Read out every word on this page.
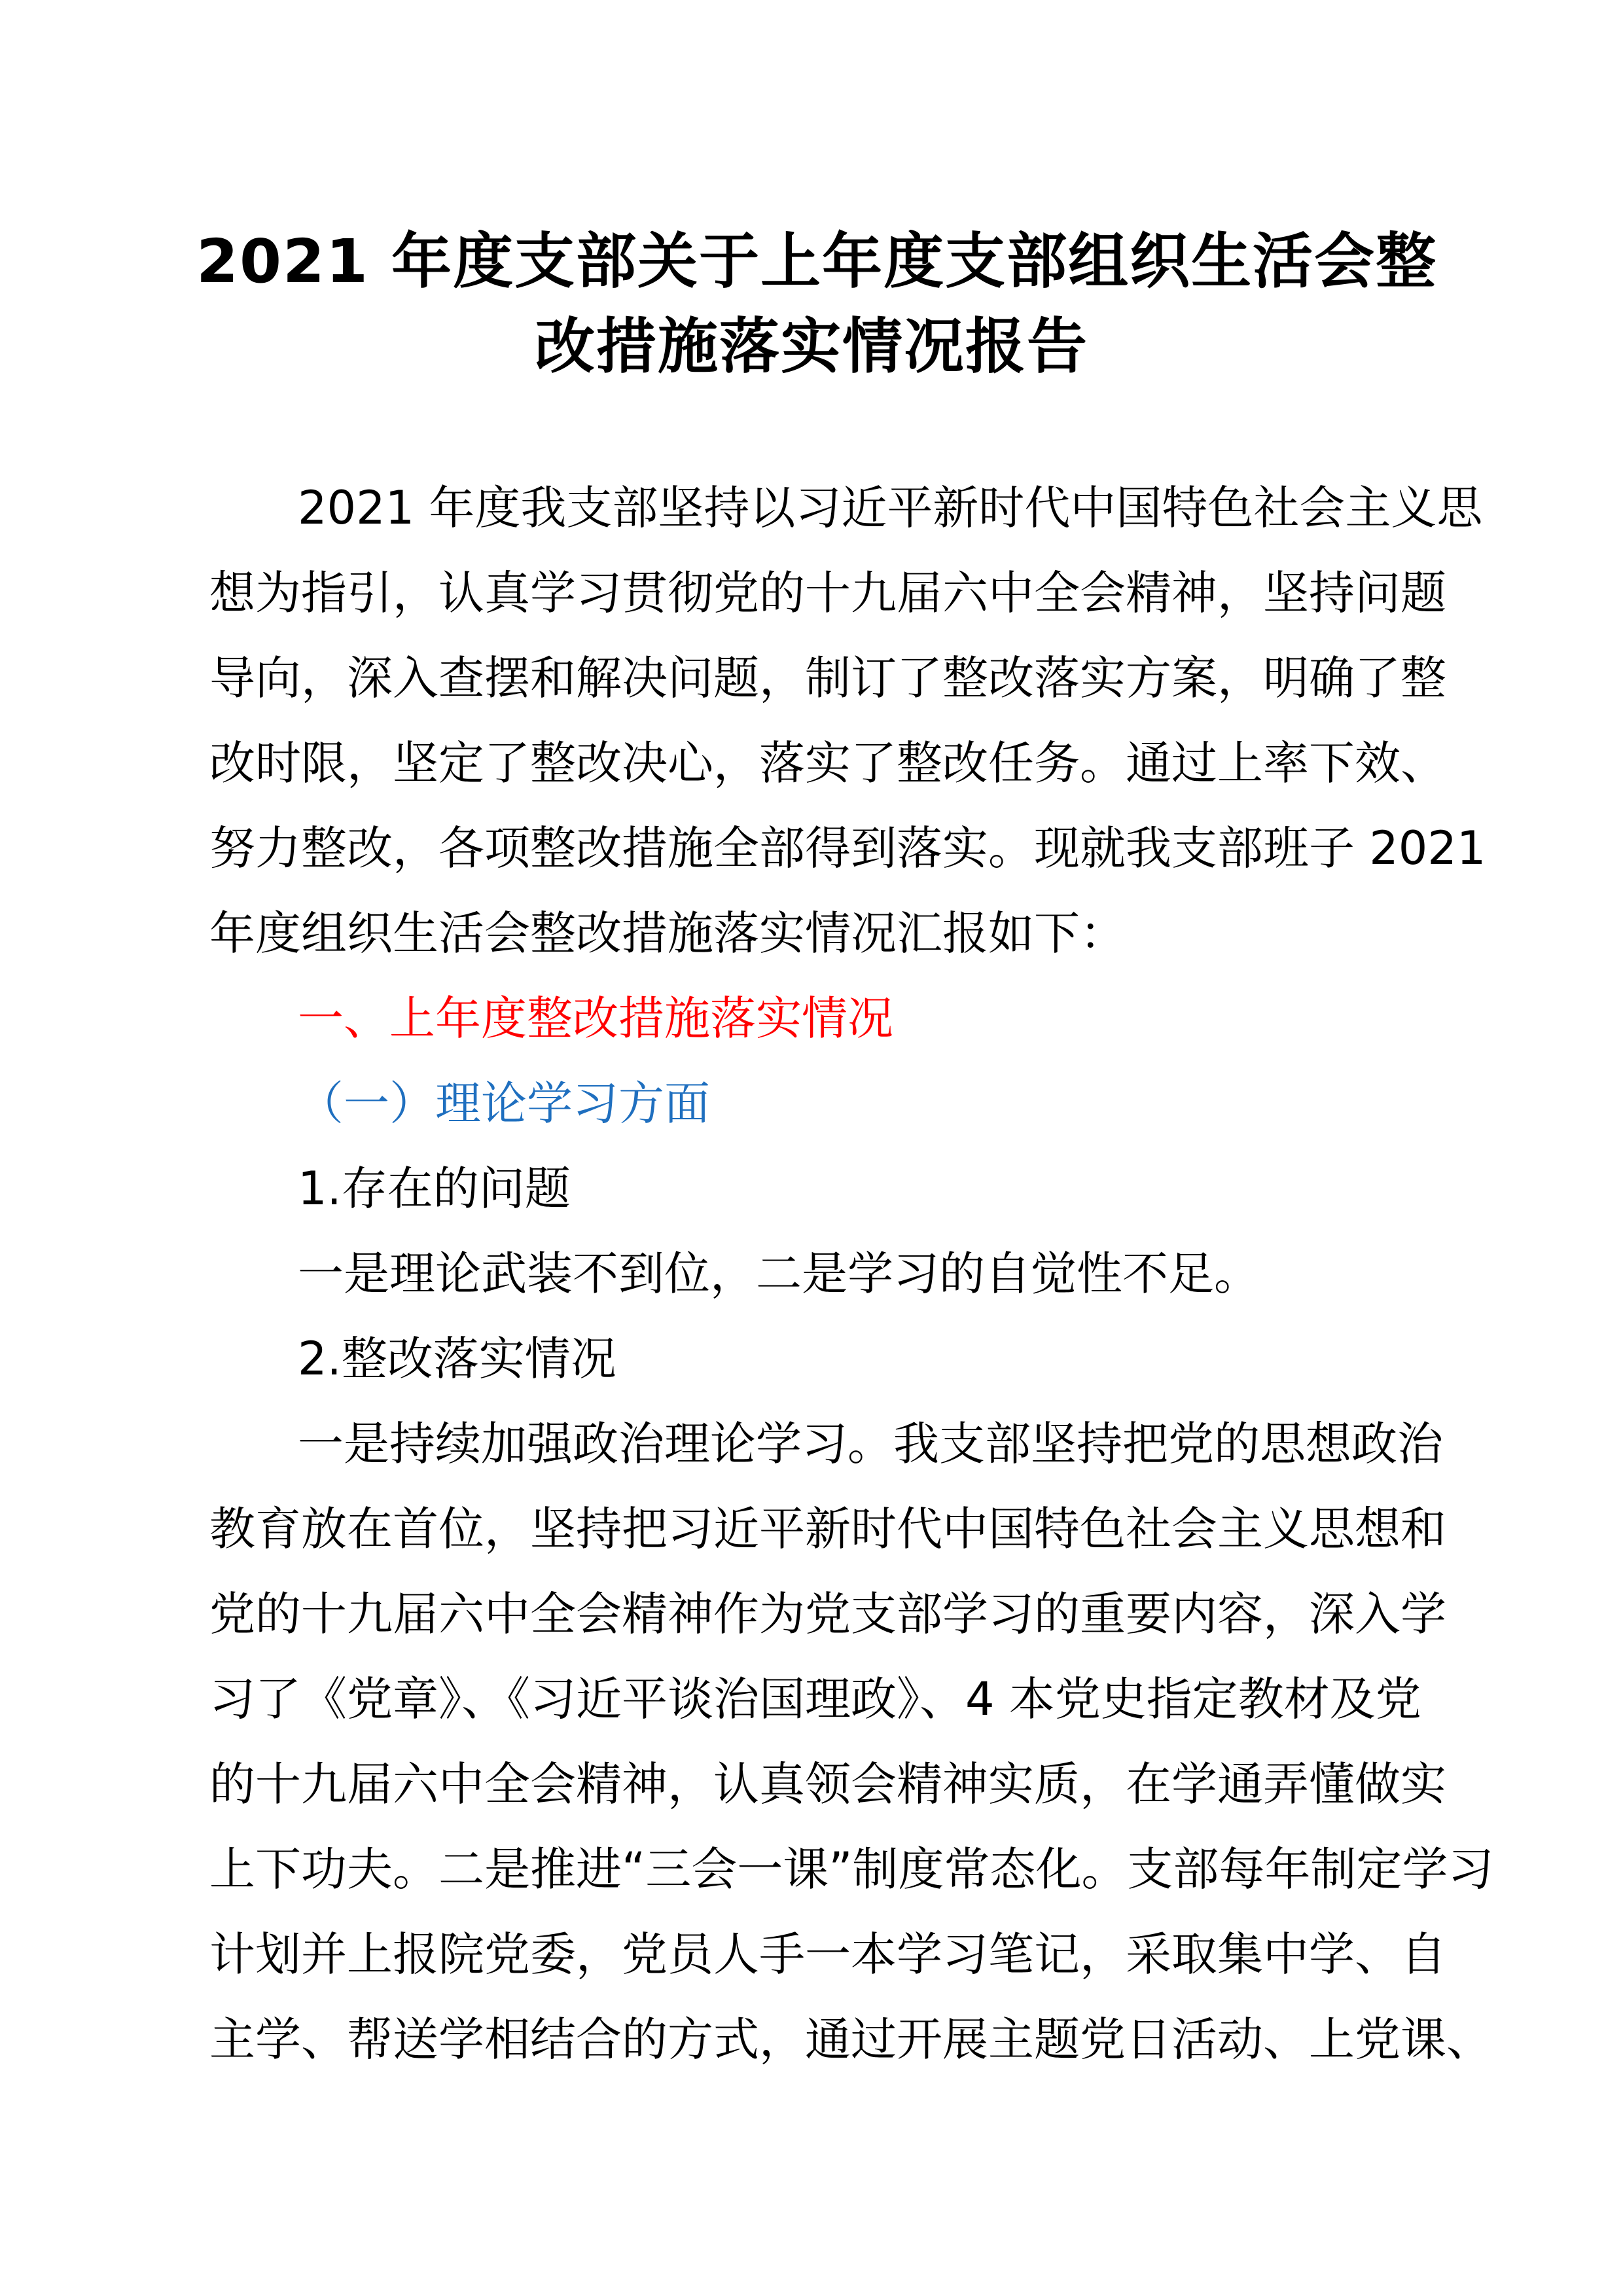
2021 年度支部关于上年度支部组织生活会整
改措施落实情况报告
2021 年度我支部坚持以习近平新时代中国特色社会主义思
想为指引，认真学习贯彻党的十九届六中全会精神，坚持问题
导向，深入查摆和解决问题，制订了整改落实方案，明确了整
改时限，坚定了整改决心，落实了整改任务。通过上率下效、
努力整改，各项整改措施全部得到落实。现就我支部班子 2021
年度组织生活会整改措施落实情况汇报如下：
一、上年度整改措施落实情况
（一）理论学习方面
1.存在的问题
一是理论武装不到位，二是学习的自觉性不足。
2.整改落实情况
一是持续加强政治理论学习。我支部坚持把党的思想政治
教育放在首位，坚持把习近平新时代中国特色社会主义思想和
党的十九届六中全会精神作为党支部学习的重要内容，深入学
习了《党章》、《习近平谈治国理政》、4 本党史指定教材及党
的十九届六中全会精神，认真领会精神实质，在学通弄懂做实
上下功夫。二是推进“三会一课”制度常态化。支部每年制定学习
计划并上报院党委，党员人手一本学习笔记，采取集中学、自
主学、帮送学相结合的方式，通过开展主题党日活动、上党课、
